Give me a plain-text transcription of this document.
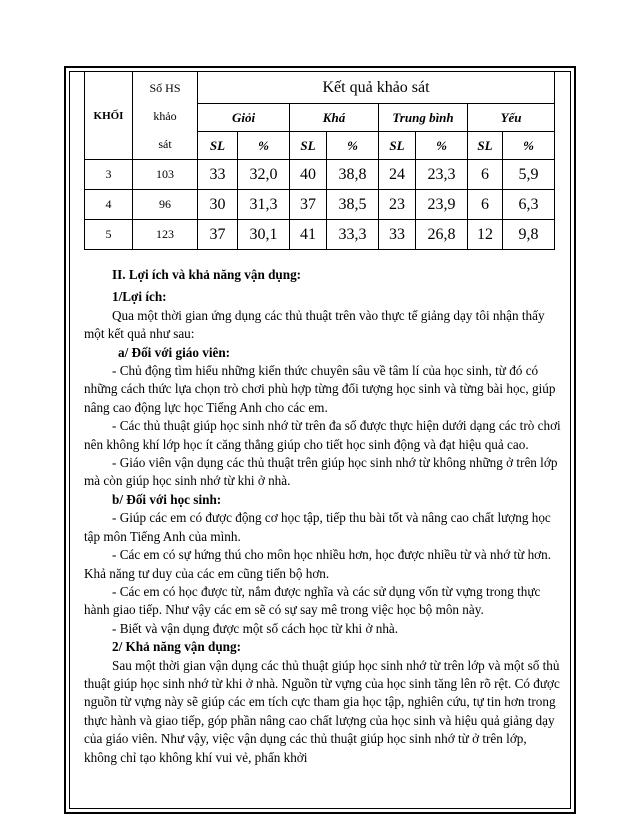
KHỐI	Số HS
khảo
sát	Kết quả khảo sát							
		Giỏi		Khá		Trung bình		Yếu	
		SL	%	SL	%	SL	%	SL	%
3	103	33	32,0	40	38,8	24	23,3	6	5,9
4	96	30	31,3	37	38,5	23	23,9	6	6,3
5	123	37	30,1	41	33,3	33	26,8	12	9,8

II. Lợi ích và khả năng vận dụng:

1/Lợi ích:

Qua một thời gian ứng dụng các thủ thuật trên vào thực tế giảng dạy tôi nhận thấy một kết quả như sau:

a/ Đối với giáo viên:

- Chủ động tìm hiểu những kiến thức chuyên sâu về tâm lí của học sinh, từ đó có những cách thức lựa chọn trò chơi phù hợp từng đối tượng học sinh và từng bài học, giúp nâng cao động lực học Tiếng Anh cho các em.

- Các thủ thuật giúp học sinh nhớ từ trên đa số được thực hiện dưới dạng các trò chơi nên không khí lớp học ít căng thẳng giúp cho tiết học sinh động và đạt hiệu quả cao.

- Giáo viên vận dụng các thủ thuật trên giúp học sinh nhớ từ không những ở trên lớp mà còn giúp học sinh nhớ từ khi ở nhà.

b/ Đối với học sinh:

- Giúp các em có được động cơ học tập, tiếp thu bài tốt và nâng cao chất lượng học tập môn Tiếng Anh của mình.

- Các em có sự hứng thú cho môn học nhiều hơn, học được nhiều từ và nhớ từ hơn. Khả năng tư duy của các em cũng tiến bộ hơn.

- Các em có học được từ, nắm được nghĩa và các sử dụng vốn từ vựng trong thực hành giao tiếp. Như vậy các em sẽ có sự say mê trong việc học bộ môn này.

- Biết và vận dụng được một số cách học từ khi ở nhà.

2/ Khả năng vận dụng:

Sau một thời gian vận dụng các thủ thuật giúp học sinh nhớ từ trên lớp và một số thủ thuật giúp học sinh nhớ từ khi ở nhà. Nguồn từ vựng của học sinh tăng lên rõ rệt. Có được nguồn từ vựng này sẽ giúp các em tích cực tham gia học tập, nghiên cứu, tự tin hơn trong thực hành và giao tiếp, góp phần nâng cao chất lượng của học sinh và hiệu quả giảng dạy của giáo viên. Như vậy, việc vận dụng các thủ thuật giúp học sinh nhớ từ ở trên lớp, không chỉ tạo không khí vui vẻ, phấn khởi
